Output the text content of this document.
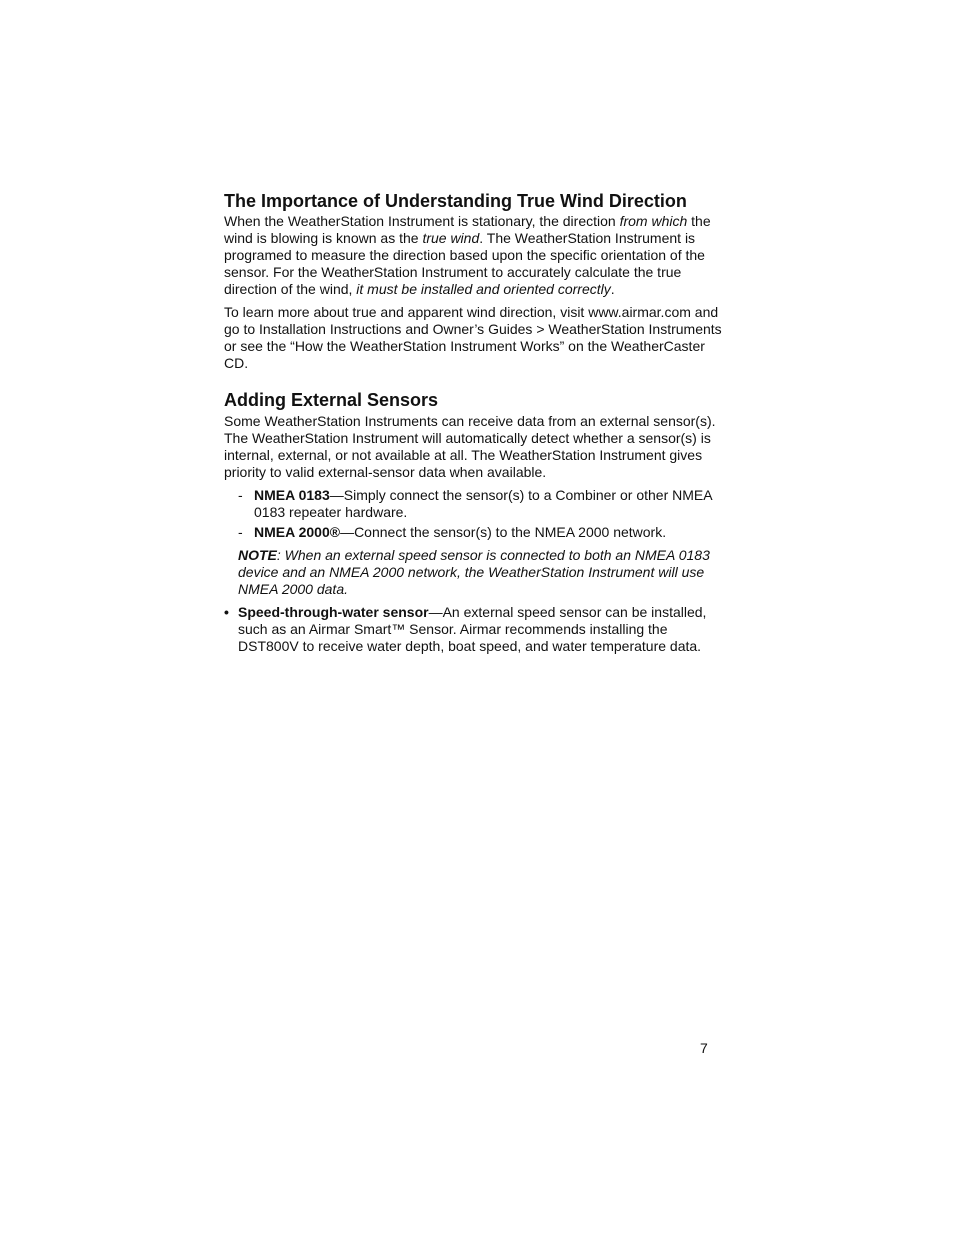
The Importance of Understanding True Wind Direction

When the WeatherStation Instrument is stationary, the direction from which the wind is blowing is known as the true wind. The WeatherStation Instrument is programed to measure the direction based upon the specific orientation of the sensor. For the WeatherStation Instrument to accurately calculate the true direction of the wind, it must be installed and oriented correctly.

To learn more about true and apparent wind direction, visit www.airmar.com and go to Installation Instructions and Owner’s Guides > WeatherStation Instruments or see the “How the WeatherStation Instrument Works” on the WeatherCaster CD.

Adding External Sensors

Some WeatherStation Instruments can receive data from an external sensor(s). The WeatherStation Instrument will automatically detect whether a sensor(s) is internal, external, or not available at all. The WeatherStation Instrument gives priority to valid external-sensor data when available.

- NMEA 0183—Simply connect the sensor(s) to a Combiner or other NMEA 0183 repeater hardware.
- NMEA 2000®—Connect the sensor(s) to the NMEA 2000 network.

NOTE: When an external speed sensor is connected to both an NMEA 0183 device and an NMEA 2000 network, the WeatherStation Instrument will use NMEA 2000 data.

• Speed-through-water sensor—An external speed sensor can be installed, such as an Airmar Smart™ Sensor. Airmar recommends installing the DST800V to receive water depth, boat speed, and water temperature data.
7
